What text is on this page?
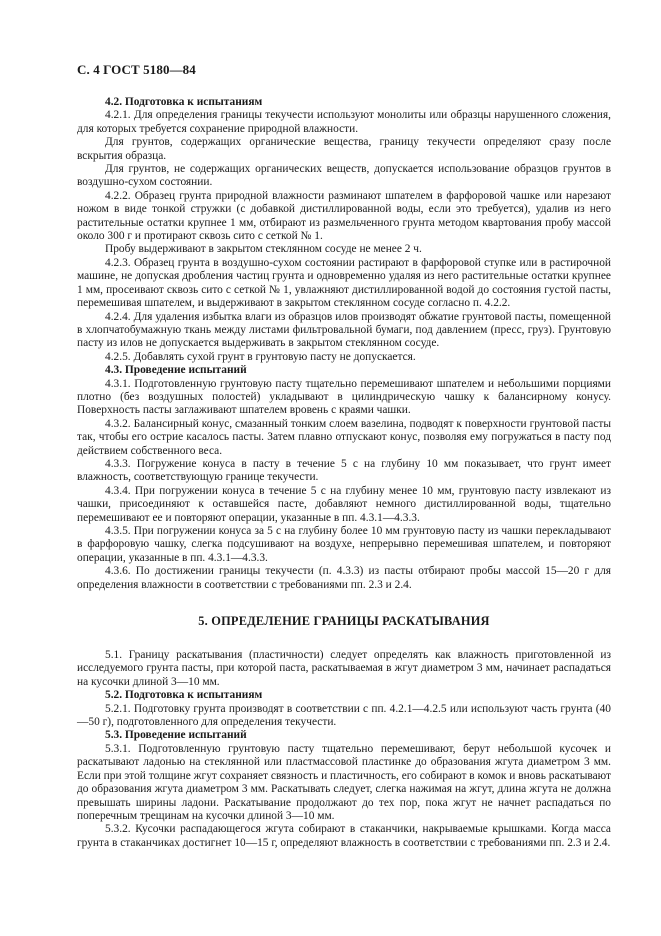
С. 4 ГОСТ 5180—84
4.2. Подготовка к испытаниям

4.2.1. Для определения границы текучести используют монолиты или образцы нарушенного сложения, для которых требуется сохранение природной влажности.

Для грунтов, содержащих органические вещества, границу текучести определяют сразу после вскрытия образца.

Для грунтов, не содержащих органических веществ, допускается использование образцов грунтов в воздушно-сухом состоянии.

4.2.2. Образец грунта природной влажности разминают шпателем в фарфоровой чашке или нарезают ножом в виде тонкой стружки (с добавкой дистиллированной воды, если это требуется), удалив из него растительные остатки крупнее 1 мм, отбирают из размельченного грунта методом квартования пробу массой около 300 г и протирают сквозь сито с сеткой № 1.

Пробу выдерживают в закрытом стеклянном сосуде не менее 2 ч.

4.2.3. Образец грунта в воздушно-сухом состоянии растирают в фарфоровой ступке или в растирочной машине, не допуская дробления частиц грунта и одновременно удаляя из него растительные остатки крупнее 1 мм, просеивают сквозь сито с сеткой № 1, увлажняют дистиллированной водой до состояния густой пасты, перемешивая шпателем, и выдерживают в закрытом стеклянном сосуде согласно п. 4.2.2.

4.2.4. Для удаления избытка влаги из образцов илов производят обжатие грунтовой пасты, помещенной в хлопчатобумажную ткань между листами фильтровальной бумаги, под давлением (пресс, груз). Грунтовую пасту из илов не допускается выдерживать в закрытом стеклянном сосуде.

4.2.5. Добавлять сухой грунт в грунтовую пасту не допускается.

4.3. Проведение испытаний

4.3.1. Подготовленную грунтовую пасту тщательно перемешивают шпателем и небольшими порциями плотно (без воздушных полостей) укладывают в цилиндрическую чашку к балансирному конусу. Поверхность пасты заглаживают шпателем вровень с краями чашки.

4.3.2. Балансирный конус, смазанный тонким слоем вазелина, подводят к поверхности грунтовой пасты так, чтобы его острие касалось пасты. Затем плавно отпускают конус, позволяя ему погружаться в пасту под действием собственного веса.

4.3.3. Погружение конуса в пасту в течение 5 с на глубину 10 мм показывает, что грунт имеет влажность, соответствующую границе текучести.

4.3.4. При погружении конуса в течение 5 с на глубину менее 10 мм, грунтовую пасту извлекают из чашки, присоединяют к оставшейся пасте, добавляют немного дистиллированной воды, тщательно перемешивают ее и повторяют операции, указанные в пп. 4.3.1—4.3.3.

4.3.5. При погружении конуса за 5 с на глубину более 10 мм грунтовую пасту из чашки перекладывают в фарфоровую чашку, слегка подсушивают на воздухе, непрерывно перемешивая шпателем, и повторяют операции, указанные в пп. 4.3.1—4.3.3.

4.3.6. По достижении границы текучести (п. 4.3.3) из пасты отбирают пробы массой 15—20 г для определения влажности в соответствии с требованиями пп. 2.3 и 2.4.

5. ОПРЕДЕЛЕНИЕ ГРАНИЦЫ РАСКАТЫВАНИЯ

5.1. Границу раскатывания (пластичности) следует определять как влажность приготовленной из исследуемого грунта пасты, при которой паста, раскатываемая в жгут диаметром 3 мм, начинает распадаться на кусочки длиной 3—10 мм.

5.2. Подготовка к испытаниям

5.2.1. Подготовку грунта производят в соответствии с пп. 4.2.1—4.2.5 или используют часть грунта (40—50 г), подготовленного для определения текучести.

5.3. Проведение испытаний

5.3.1. Подготовленную грунтовую пасту тщательно перемешивают, берут небольшой кусочек и раскатывают ладонью на стеклянной или пластмассовой пластинке до образования жгута диаметром 3 мм. Если при этой толщине жгут сохраняет связность и пластичность, его собирают в комок и вновь раскатывают до образования жгута диаметром 3 мм. Раскатывать следует, слегка нажимая на жгут, длина жгута не должна превышать ширины ладони. Раскатывание продолжают до тех пор, пока жгут не начнет распадаться по поперечным трещинам на кусочки длиной 3—10 мм.

5.3.2. Кусочки распадающегося жгута собирают в стаканчики, накрываемые крышками. Когда масса грунта в стаканчиках достигнет 10—15 г, определяют влажность в соответствии с требованиями пп. 2.3 и 2.4.
